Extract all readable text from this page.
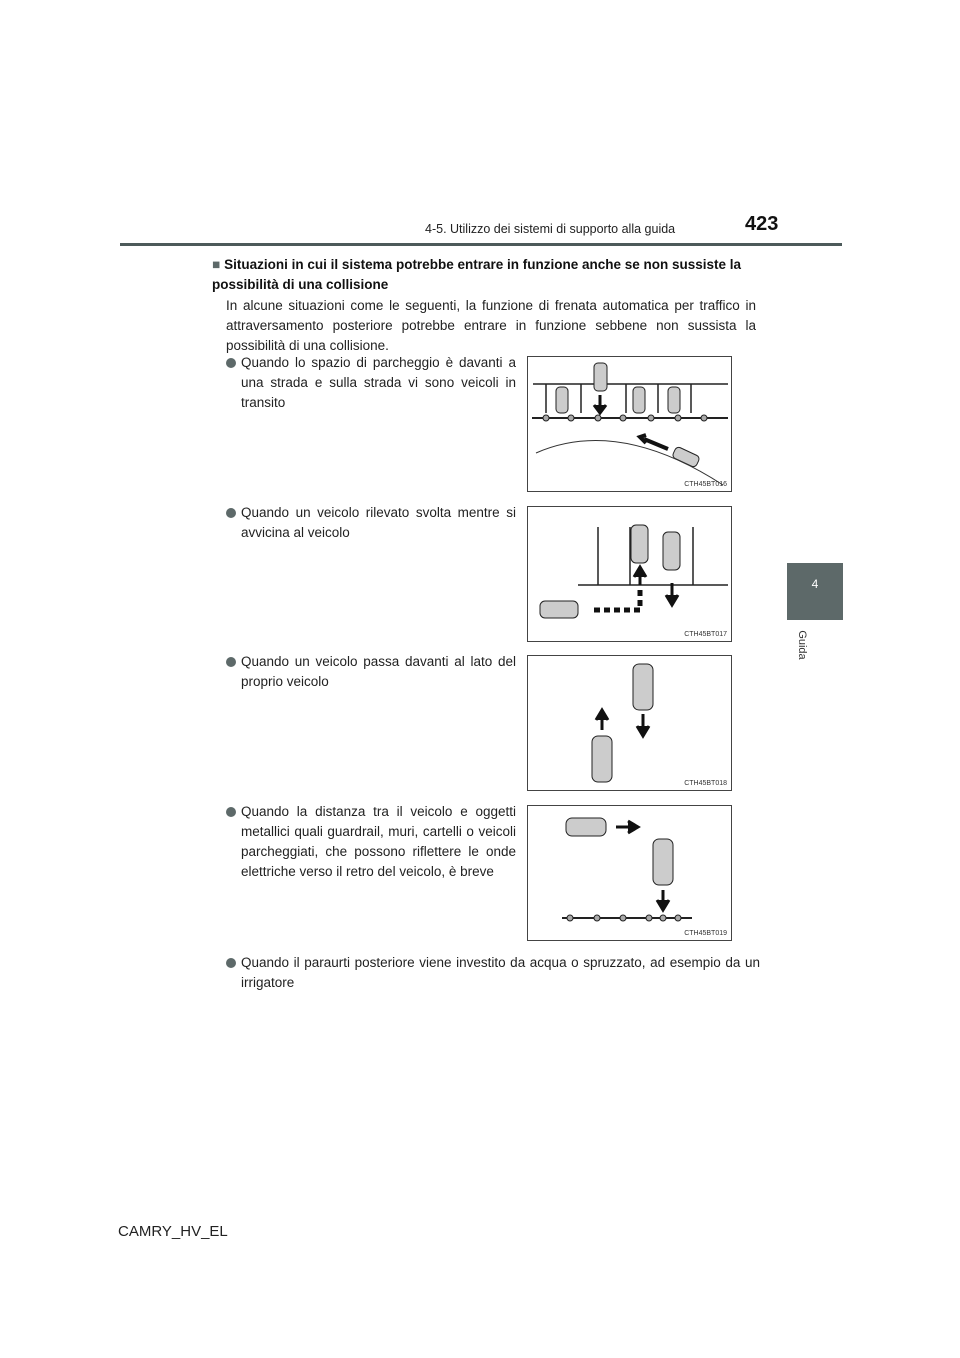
4-5. Utilizzo dei sistemi di supporto alla guida	423
4
Guida
■ Situazioni in cui il sistema potrebbe entrare in funzione anche se non sussiste la possibilità di una collisione
In alcune situazioni come le seguenti, la funzione di frenata automatica per traffico in attraversamento posteriore potrebbe entrare in funzione sebbene non sussista la possibilità di una collisione.
Quando lo spazio di parcheggio è davanti a una strada e sulla strada vi sono veicoli in transito
CTH45BT016
Quando un veicolo rilevato svolta mentre si avvicina al veicolo
CTH45BT017
Quando un veicolo passa davanti al lato del proprio veicolo
CTH45BT018
Quando la distanza tra il veicolo e oggetti metallici quali guardrail, muri, cartelli o veicoli parcheggiati, che possono riflettere le onde elettriche verso il retro del veicolo, è breve
CTH45BT019
Quando il paraurti posteriore viene investito da acqua o spruzzato, ad esempio da un irrigatore
CAMRY_HV_EL
